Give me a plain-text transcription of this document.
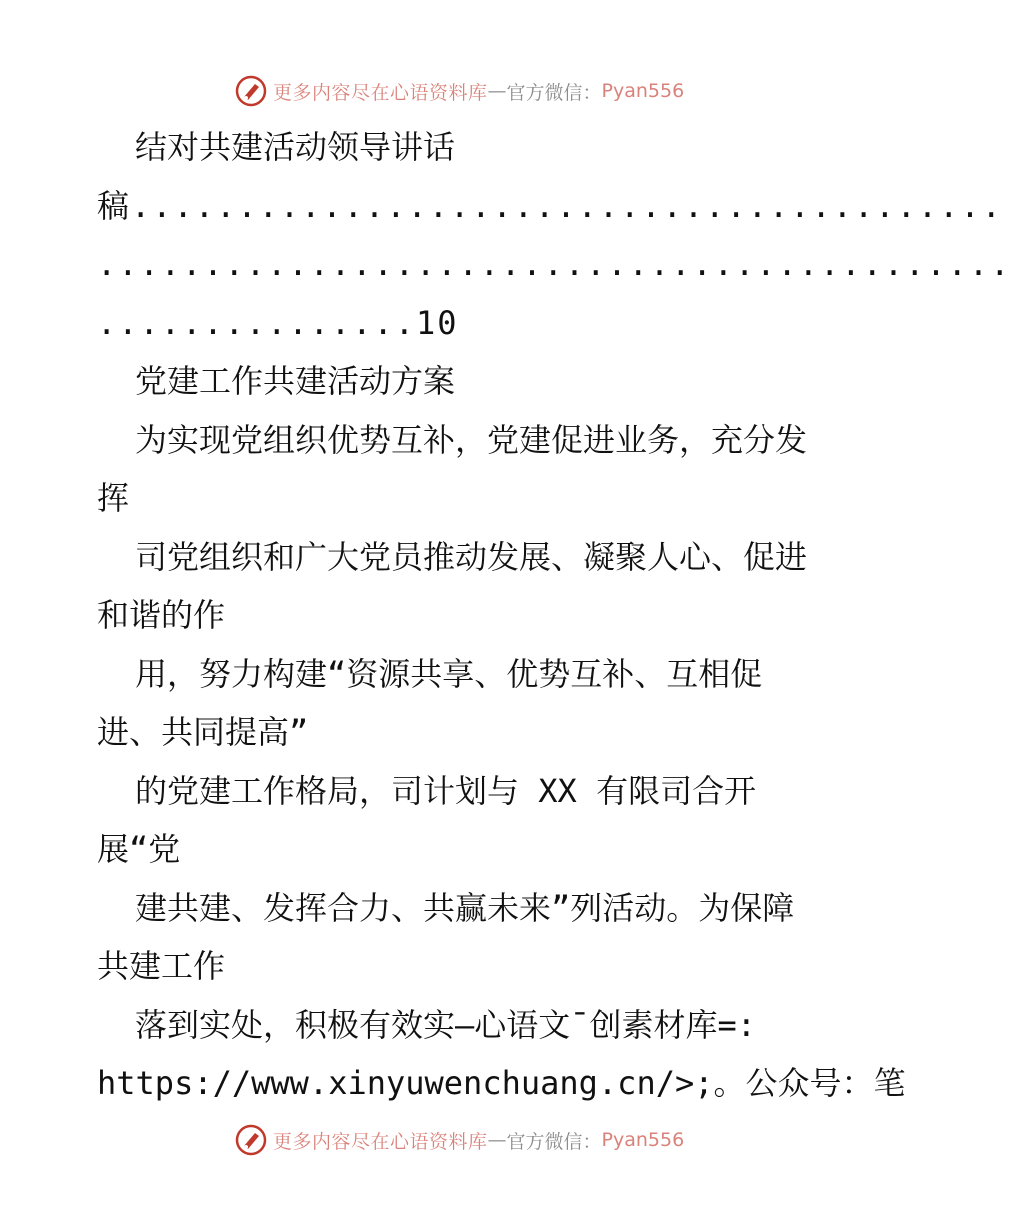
更多内容尽在心语资料库 — 官方微信： Pyan556
结对共建活动领导讲话
稿.........................................
...........................................
...............10
党建工作共建活动方案
为实现党组织优势互补，党建促进业务，充分发
挥
司党组织和广大党员推动发展、凝聚人心、促进
和谐的作
用，努力构建“资源共享、优势互补、互相促
进、共同提高”
的党建工作格局，司计划与 XX 有限司合开
展“党
建共建、发挥合力、共赢未来”列活动。为保障
共建工作
落到实处，积极有效实—心语文¯创素材库=:
https://www.xinyuwenchuang.cn/>;。公众号：笔
更多内容尽在心语资料库 — 官方微信： Pyan556
